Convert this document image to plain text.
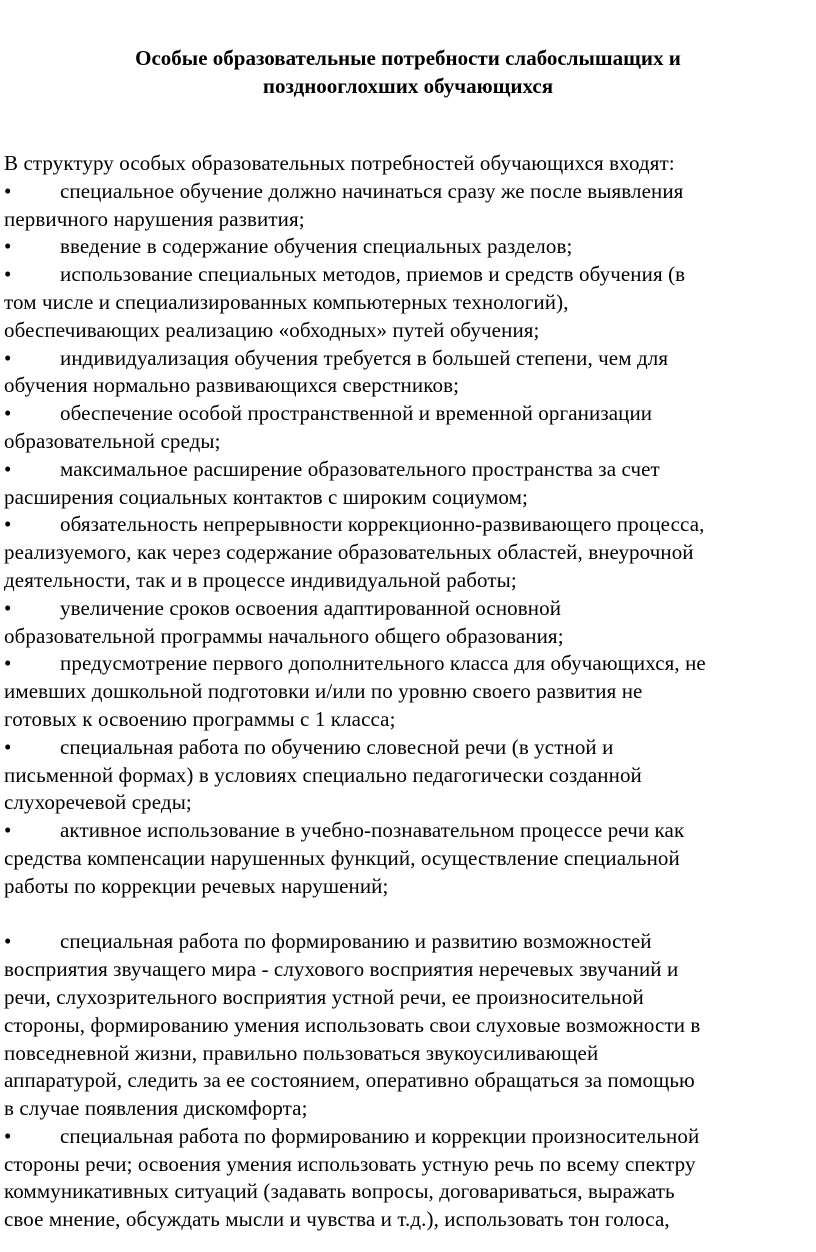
Особые образовательные потребности слабослышащих и
позднооглохших обучающихся
В структуру особых образовательных потребностей обучающихся входят:
• специальное обучение должно начинаться сразу же после выявления
первичного нарушения развития;
• введение в содержание обучения специальных разделов;
• использование специальных методов, приемов и средств обучения (в
том числе и специализированных компьютерных технологий),
обеспечивающих реализацию «обходных» путей обучения;
• индивидуализация обучения требуется в большей степени, чем для
обучения нормально развивающихся сверстников;
• обеспечение особой пространственной и временной организации
образовательной среды;
• максимальное расширение образовательного пространства за счет
расширения социальных контактов с широким социумом;
• обязательность непрерывности коррекционно-развивающего процесса,
реализуемого, как через содержание образовательных областей, внеурочной
деятельности, так и в процессе индивидуальной работы;
• увеличение сроков освоения адаптированной основной
образовательной программы начального общего образования;
• предусмотрение первого дополнительного класса для обучающихся, не
имевших дошкольной подготовки и/или по уровню своего развития не
готовых к освоению программы с 1 класса;
• специальная работа по обучению словесной речи (в устной и
письменной формах) в условиях специально педагогически созданной
слухоречевой среды;
• активное использование в учебно-познавательном процессе речи как
средства компенсации нарушенных функций, осуществление специальной
работы по коррекции речевых нарушений;
• специальная работа по формированию и развитию возможностей
восприятия звучащего мира - слухового восприятия неречевых звучаний и
речи, слухозрительного восприятия устной речи, ее произносительной
стороны, формированию умения использовать свои слуховые возможности в
повседневной жизни, правильно пользоваться звукоусиливающей
аппаратурой, следить за ее состоянием, оперативно обращаться за помощью
в случае появления дискомфорта;
• специальная работа по формированию и коррекции произносительной
стороны речи; освоения умения использовать устную речь по всему спектру
коммуникативных ситуаций (задавать вопросы, договариваться, выражать
свое мнение, обсуждать мысли и чувства и т.д.), использовать тон голоса,
